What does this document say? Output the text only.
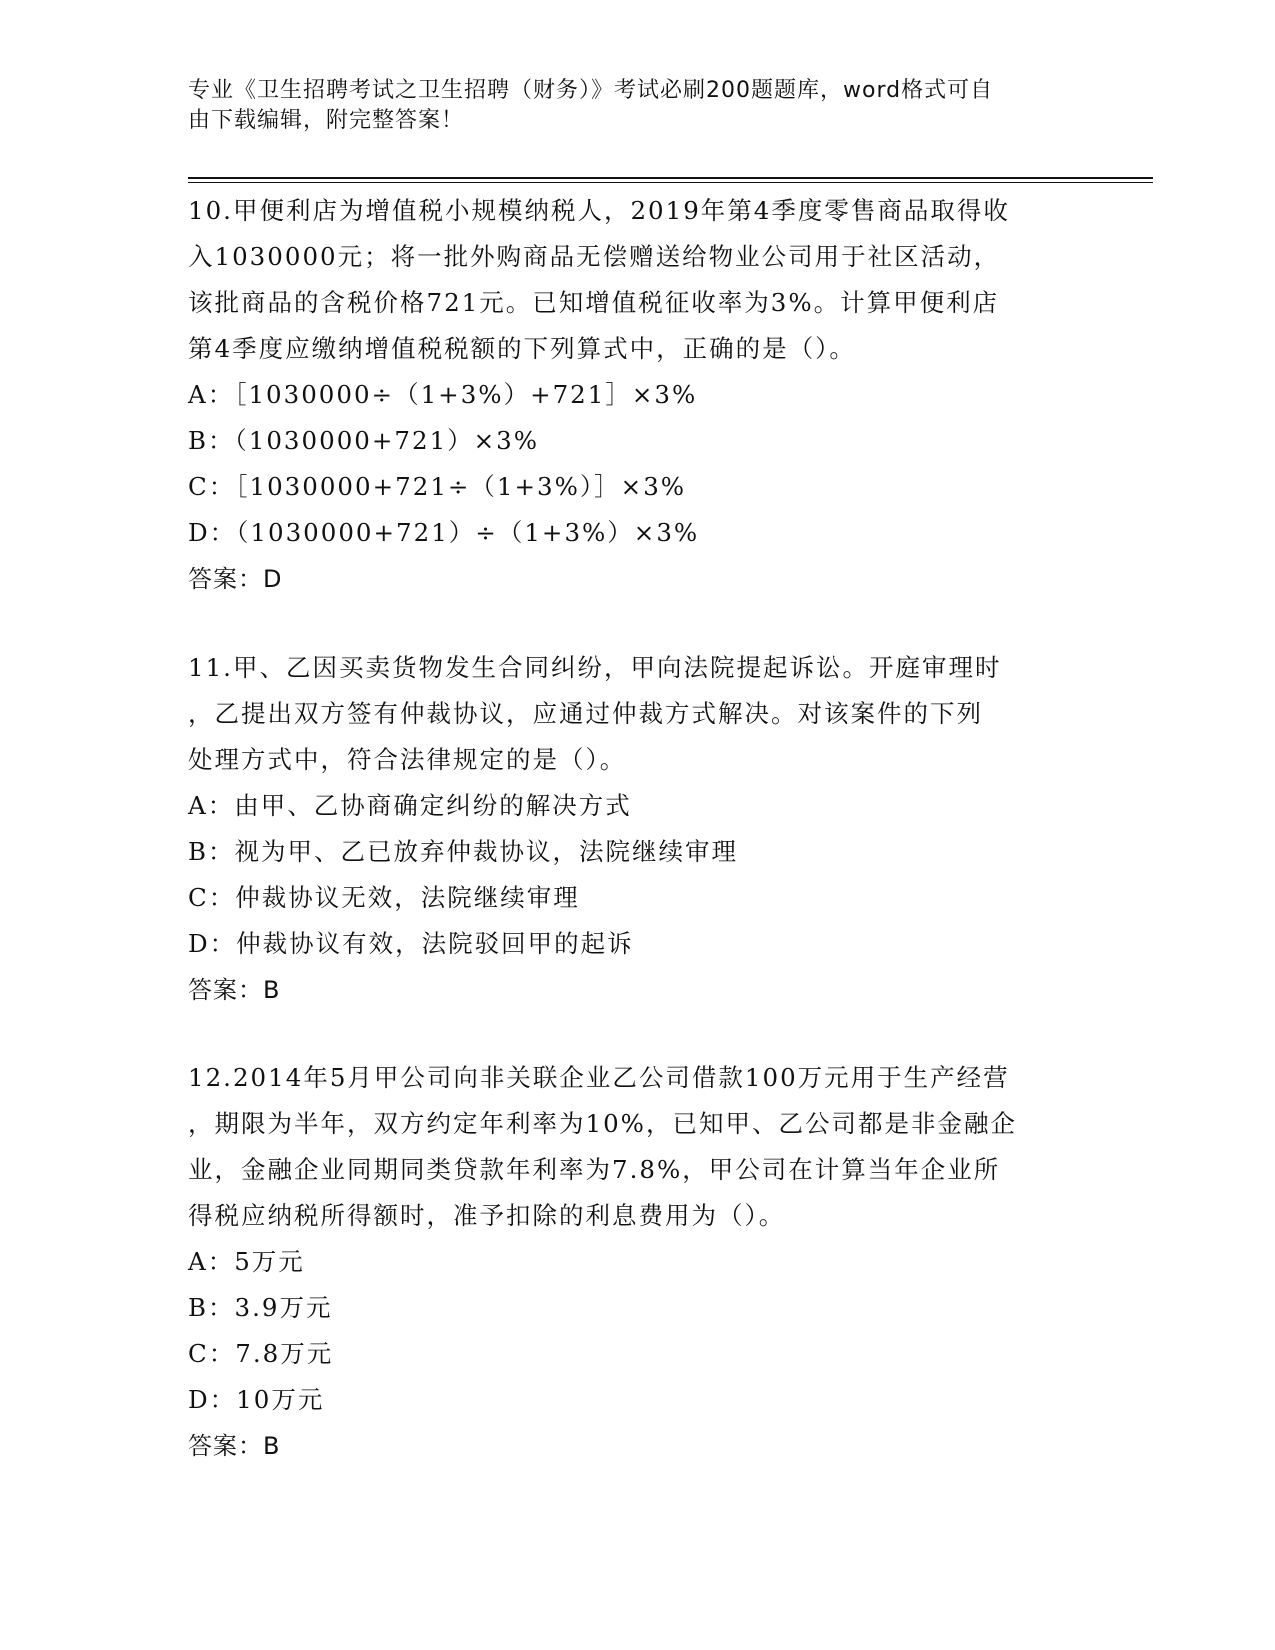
专业《卫生招聘考试之卫生招聘（财务）》考试必刷200题题库，word格式可自
由下载编辑，附完整答案！
10.甲便利店为增值税小规模纳税人，2019年第4季度零售商品取得收
入1030000元；将一批外购商品无偿赠送给物业公司用于社区活动，
该批商品的含税价格721元。已知增值税征收率为3%。计算甲便利店
第4季度应缴纳增值税税额的下列算式中，正确的是（）。
A：［1030000÷（1+3%）+721］×3%
B：（1030000+721）×3%
C：［1030000+721÷（1+3%）］×3%
D：（1030000+721）÷（1+3%）×3%
答案：D
11.甲、乙因买卖货物发生合同纠纷，甲向法院提起诉讼。开庭审理时
，乙提出双方签有仲裁协议，应通过仲裁方式解决。对该案件的下列
处理方式中，符合法律规定的是（）。
A：由甲、乙协商确定纠纷的解决方式
B：视为甲、乙已放弃仲裁协议，法院继续审理
C：仲裁协议无效，法院继续审理
D：仲裁协议有效，法院驳回甲的起诉
答案：B
12.2014年5月甲公司向非关联企业乙公司借款100万元用于生产经营
，期限为半年，双方约定年利率为10%，已知甲、乙公司都是非金融企
业，金融企业同期同类贷款年利率为7.8%，甲公司在计算当年企业所
得税应纳税所得额时，准予扣除的利息费用为（）。
A：5万元
B：3.9万元
C：7.8万元
D：10万元
答案：B
